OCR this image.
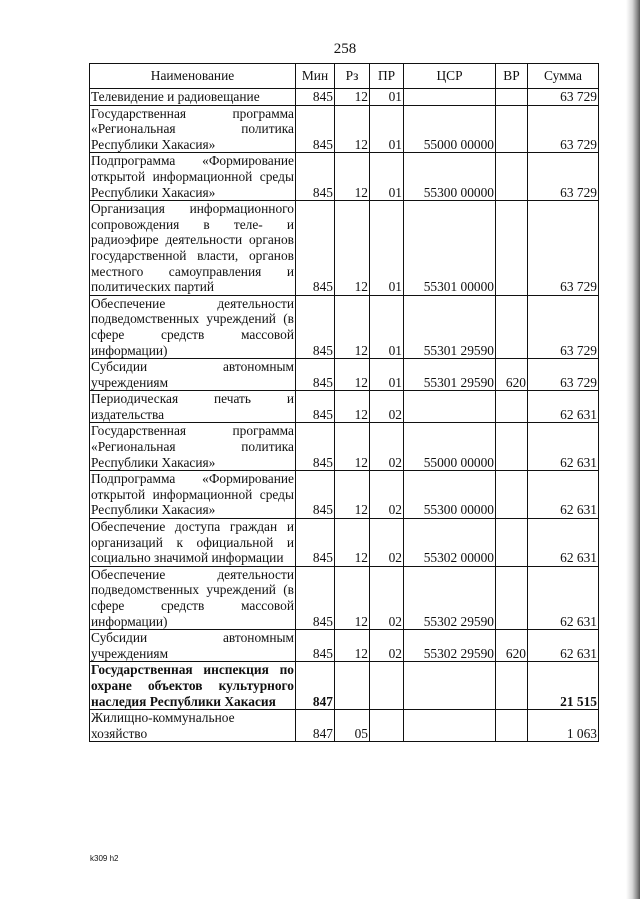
258
Наименование	Мин	Рз	ПР	ЦСР	ВР	Сумма
Телевидение и радиовещание	845	12	01			63 729
Государственная программа «Региональная политика Республики Хакасия»	845	12	01	55000 00000		63 729
Подпрограмма «Формирование открытой информационной среды Республики Хакасия»	845	12	01	55300 00000		63 729
Организация информационного сопровождения в теле- и радиоэфире деятельности органов государственной власти, органов местного самоуправления и политических партий	845	12	01	55301 00000		63 729
Обеспечение деятельности подведомственных учреждений (в сфере средств массовой информации)	845	12	01	55301 29590		63 729
Субсидии автономным учреждениям	845	12	01	55301 29590	620	63 729
Периодическая печать и издательства	845	12	02			62 631
Государственная программа «Региональная политика Республики Хакасия»	845	12	02	55000 00000		62 631
Подпрограмма «Формирование открытой информационной среды Республики Хакасия»	845	12	02	55300 00000		62 631
Обеспечение доступа граждан и организаций к официальной и социально значимой информации	845	12	02	55302 00000		62 631
Обеспечение деятельности подведомственных учреждений (в сфере средств массовой информации)	845	12	02	55302 29590		62 631
Субсидии автономным учреждениям	845	12	02	55302 29590	620	62 631
Государственная инспекция по охране объектов культурного наследия Республики Хакасия	847					21 515
Жилищно-коммунальное хозяйство	847	05				1 063
k309 h2
